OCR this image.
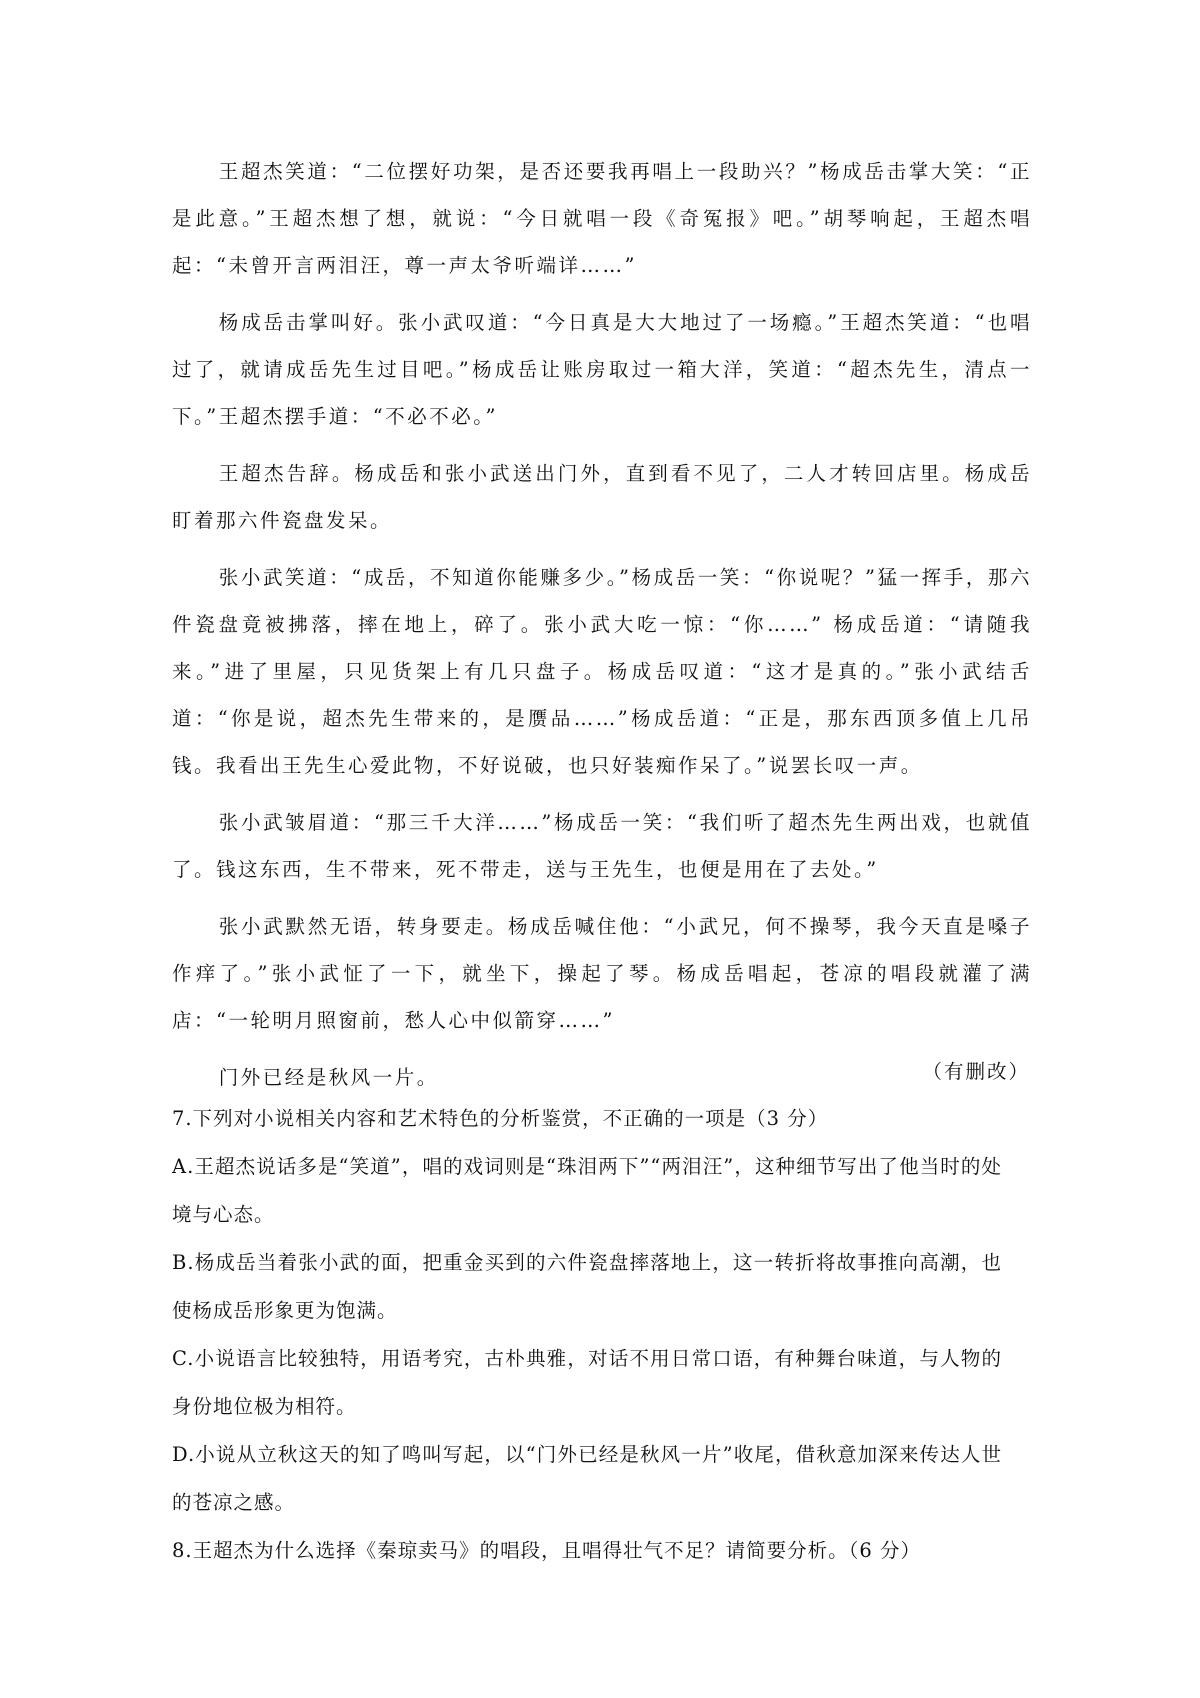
王超杰笑道：“二位摆好功架，是否还要我再唱上一段助兴？”杨成岳击掌大笑：“正是此意。”王超杰想了想，就说：“今日就唱一段《奇冤报》吧。”胡琴响起，王超杰唱起：“未曾开言两泪汪，尊一声太爷听端详……”

杨成岳击掌叫好。张小武叹道：“今日真是大大地过了一场瘾。”王超杰笑道：“也唱过了，就请成岳先生过目吧。”杨成岳让账房取过一箱大洋，笑道：“超杰先生，清点一下。”王超杰摆手道：“不必不必。”

王超杰告辞。杨成岳和张小武送出门外，直到看不见了，二人才转回店里。杨成岳盯着那六件瓷盘发呆。

张小武笑道：“成岳，不知道你能赚多少。”杨成岳一笑：“你说呢？”猛一挥手，那六件瓷盘竟被拂落，摔在地上，碎了。张小武大吃一惊：“你……” 杨成岳道：“请随我来。”进了里屋，只见货架上有几只盘子。杨成岳叹道：“这才是真的。”张小武结舌道：“你是说，超杰先生带来的，是赝品……”杨成岳道：“正是，那东西顶多值上几吊钱。我看出王先生心爱此物，不好说破，也只好装痴作呆了。”说罢长叹一声。

张小武皱眉道：“那三千大洋……”杨成岳一笑：“我们听了超杰先生两出戏，也就值了。钱这东西，生不带来，死不带走，送与王先生，也便是用在了去处。”

张小武默然无语，转身要走。杨成岳喊住他：“小武兄，何不操琴，我今天直是嗓子作痒了。”张小武怔了一下，就坐下，操起了琴。杨成岳唱起，苍凉的唱段就灌了满店：“一轮明月照窗前，愁人心中似箭穿……”

门外已经是秋风一片。	（有删改）

7.下列对小说相关内容和艺术特色的分析鉴赏，不正确的一项是（3 分）

A.王超杰说话多是“笑道”，唱的戏词则是“珠泪两下”“两泪汪”，这种细节写出了他当时的处境与心态。

B.杨成岳当着张小武的面，把重金买到的六件瓷盘摔落地上，这一转折将故事推向高潮，也使杨成岳形象更为饱满。

C.小说语言比较独特，用语考究，古朴典雅，对话不用日常口语，有种舞台味道，与人物的身份地位极为相符。

D.小说从立秋这天的知了鸣叫写起，以“门外已经是秋风一片”收尾，借秋意加深来传达人世的苍凉之感。

8.王超杰为什么选择《秦琼卖马》的唱段，且唱得壮气不足？请简要分析。（6 分）
